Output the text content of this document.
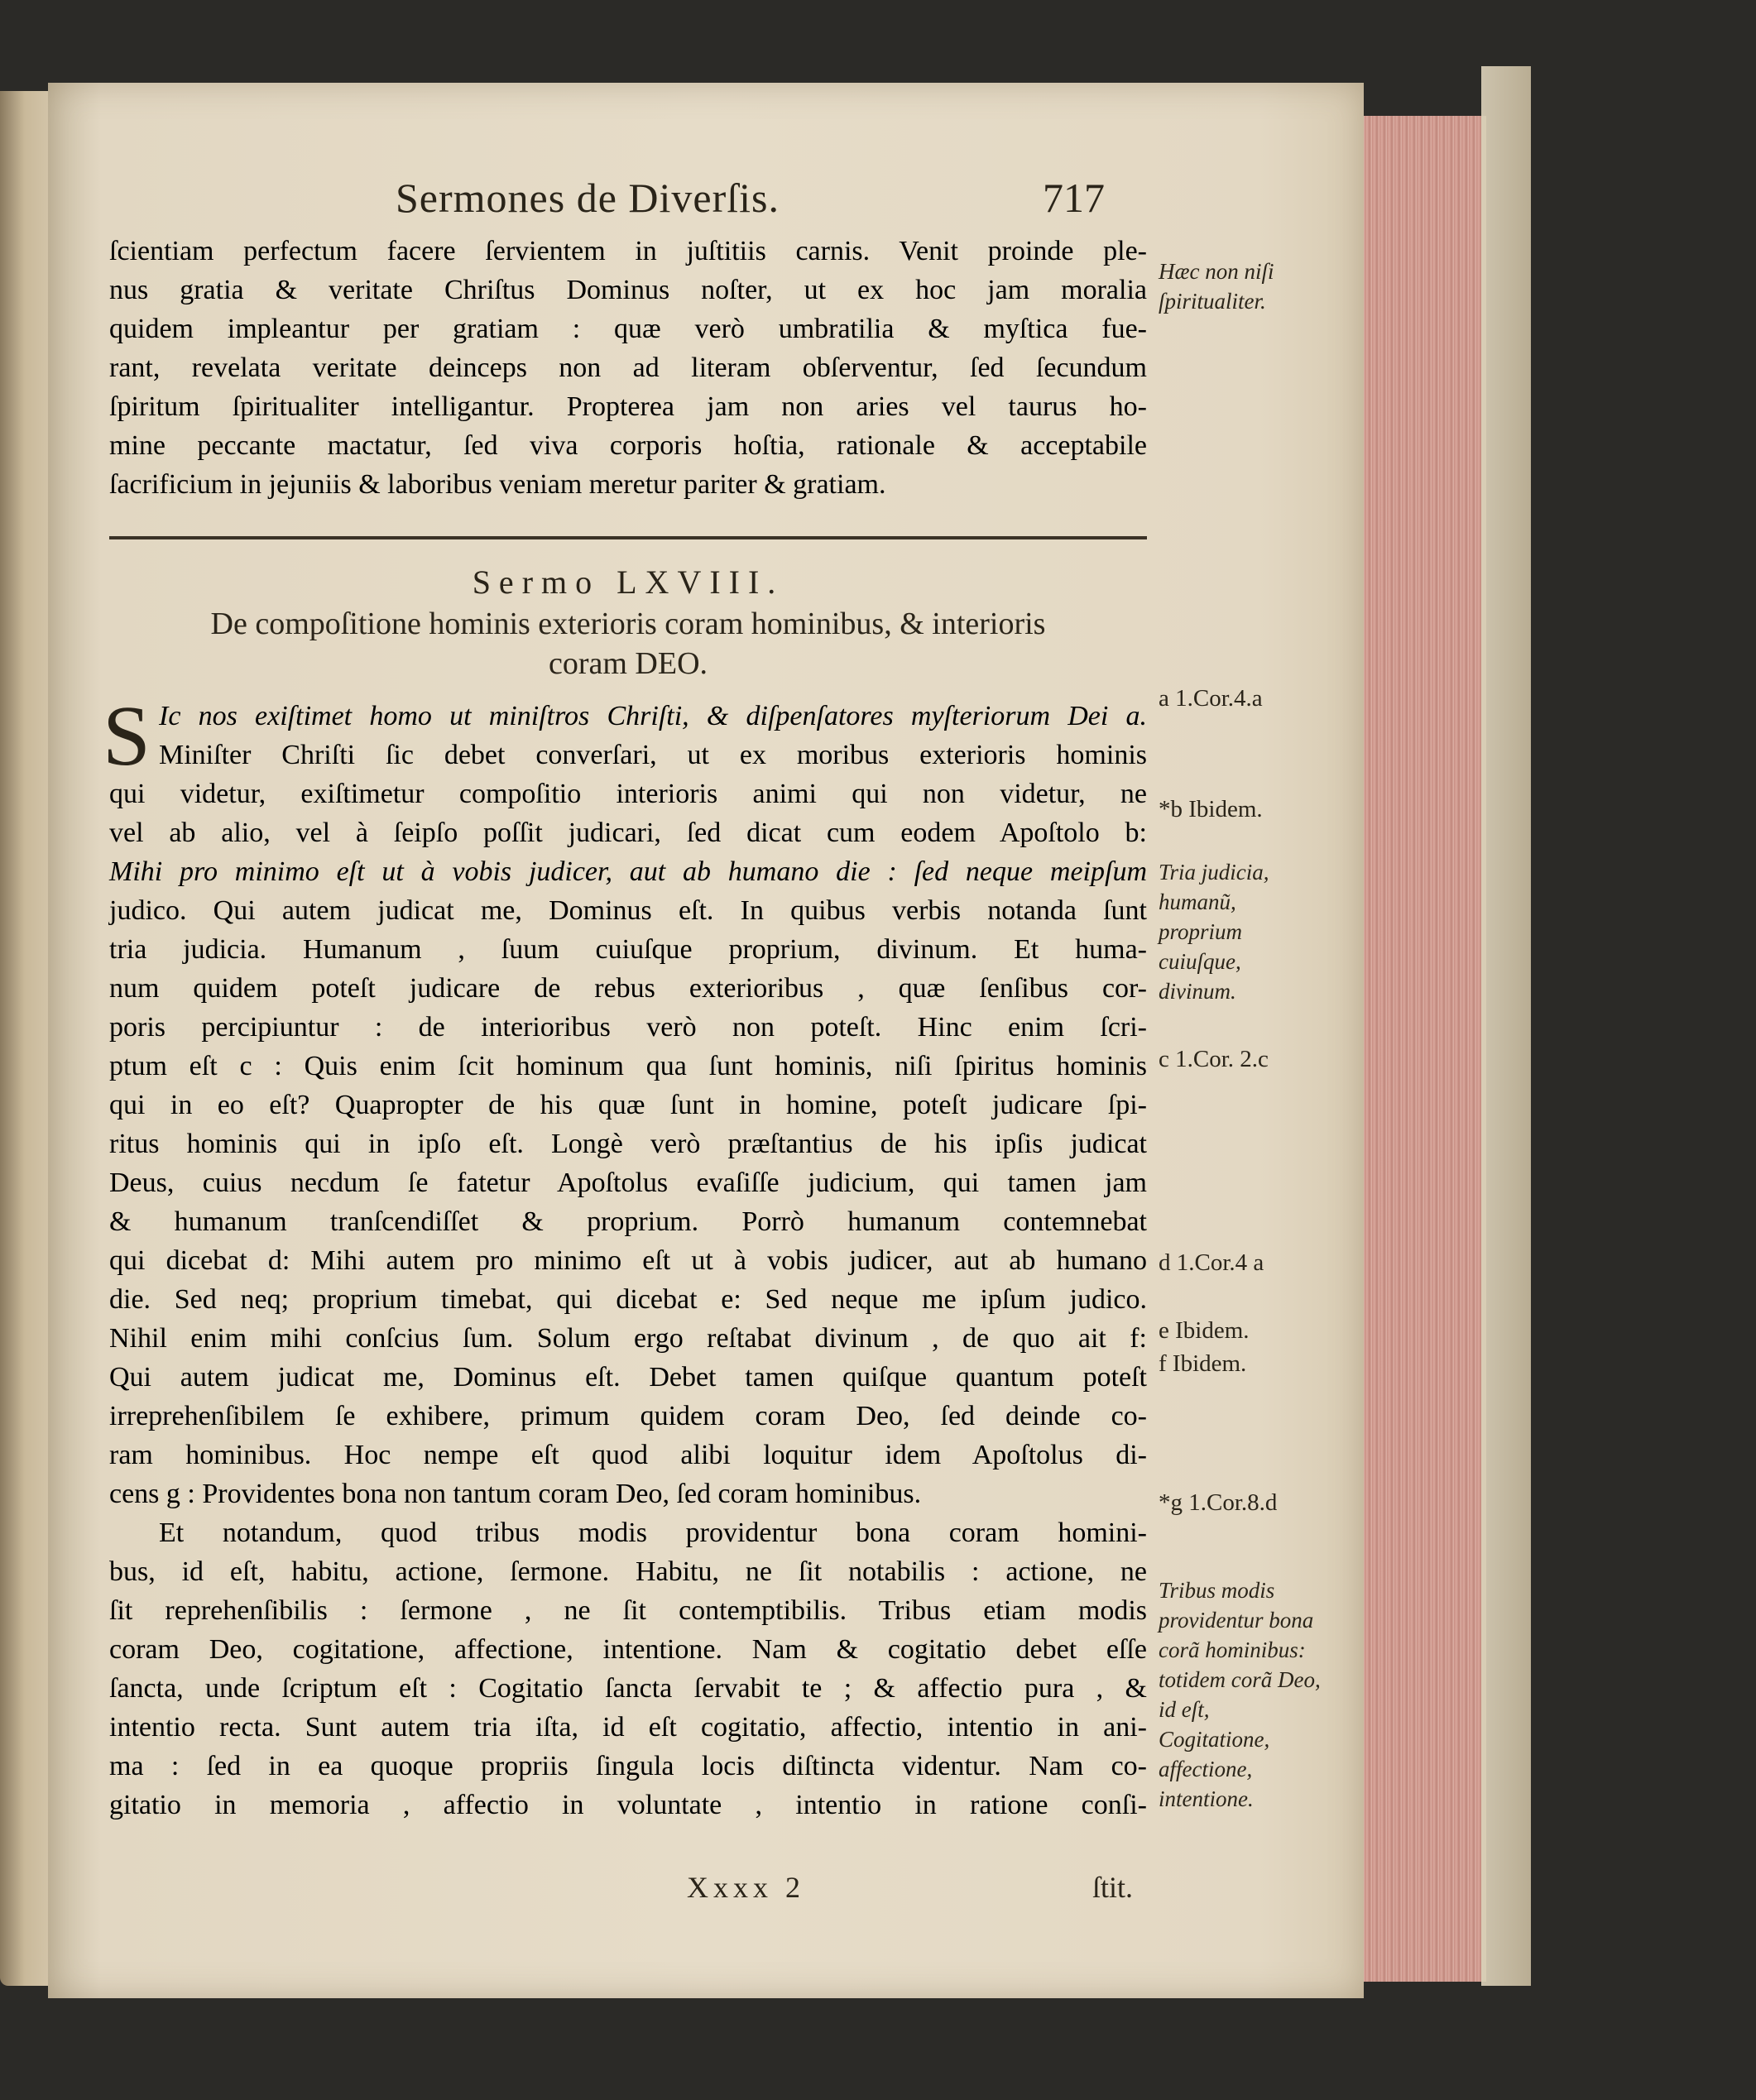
Sermones de Diverſis.	717
ſcientiam perfectum facere ſervientem in juſtitiis carnis. Venit proinde ple-
nus gratia & veritate Chriſtus Dominus noſter, ut ex hoc jam moralia
quidem impleantur per gratiam : quæ verò umbratilia & myſtica fue-
rant, revelata veritate deinceps non ad literam obſerventur, ſed ſecundum
ſpiritum ſpiritualiter intelligantur. Propterea jam non aries vel taurus ho-
mine peccante mactatur, ſed viva corporis hoſtia, rationale & acceptabile
ſacrificium in jejuniis & laboribus veniam meretur pariter & gratiam.
Sermo LXVIII.
De compoſitione hominis exterioris coram hominibus, & interioris
coram DEO.
S Ic nos exiſtimet homo ut miniſtros Chriſti, & diſpenſatores myſteriorum Dei a.
Miniſter Chriſti ſic debet converſari, ut ex moribus exterioris hominis
qui videtur, exiſtimetur compoſitio interioris animi qui non videtur, ne
vel ab alio, vel à ſeipſo poſſit judicari, ſed dicat cum eodem Apoſtolo b:
Mihi pro minimo eſt ut à vobis judicer, aut ab humano die : ſed neque meipſum
judico. Qui autem judicat me, Dominus eſt. In quibus verbis notanda ſunt
tria judicia. Humanum , ſuum cuiuſque proprium, divinum. Et huma-
num quidem poteſt judicare de rebus exterioribus , quæ ſenſibus cor-
poris percipiuntur : de interioribus verò non poteſt. Hinc enim ſcri-
ptum eſt c : Quis enim ſcit hominum qua ſunt hominis, niſi ſpiritus hominis
qui in eo eſt? Quapropter de his quæ ſunt in homine, poteſt judicare ſpi-
ritus hominis qui in ipſo eſt. Longè verò præſtantius de his ipſis judicat
Deus, cuius necdum ſe fatetur Apoſtolus evaſiſſe judicium, qui tamen jam
& humanum tranſcendiſſet & proprium. Porrò humanum contemnebat
qui dicebat d: Mihi autem pro minimo eſt ut à vobis judicer, aut ab humano
die. Sed neq; proprium timebat, qui dicebat e: Sed neque me ipſum judico.
Nihil enim mihi conſcius ſum. Solum ergo reſtabat divinum , de quo ait f:
Qui autem judicat me, Dominus eſt. Debet tamen quiſque quantum poteſt
irreprehenſibilem ſe exhibere, primum quidem coram Deo, ſed deinde co-
ram hominibus. Hoc nempe eſt quod alibi loquitur idem Apoſtolus di-
cens g : Providentes bona non tantum coram Deo, ſed coram hominibus.
Et notandum, quod tribus modis providentur bona coram homini-
bus, id eſt, habitu, actione, ſermone. Habitu, ne ſit notabilis : actione, ne
ſit reprehenſibilis : ſermone , ne ſit contemptibilis. Tribus etiam modis
coram Deo, cogitatione, affectione, intentione. Nam & cogitatio debet eſſe
ſancta, unde ſcriptum eſt : Cogitatio ſancta ſervabit te ; & affectio pura , &
intentio recta. Sunt autem tria iſta, id eſt cogitatio, affectio, intentio in ani-
ma : ſed in ea quoque propriis ſingula locis diſtincta videntur. Nam co-
gitatio in memoria , affectio in voluntate , intentio in ratione conſi-
Hæc non niſi ſpiritualiter.
a 1.Cor.4.a
*b Ibidem.
Tria judicia, humanũ, proprium cuiuſque, divinum.
c 1.Cor. 2.c
d 1.Cor.4 a
e Ibidem.
f Ibidem.
*g 1.Cor.8.d
Tribus modis providentur bona corã hominibus: totidem corã Deo, id eſt, Cogitatione, affectione, intentione.
Xxxx 2	ſtit.
